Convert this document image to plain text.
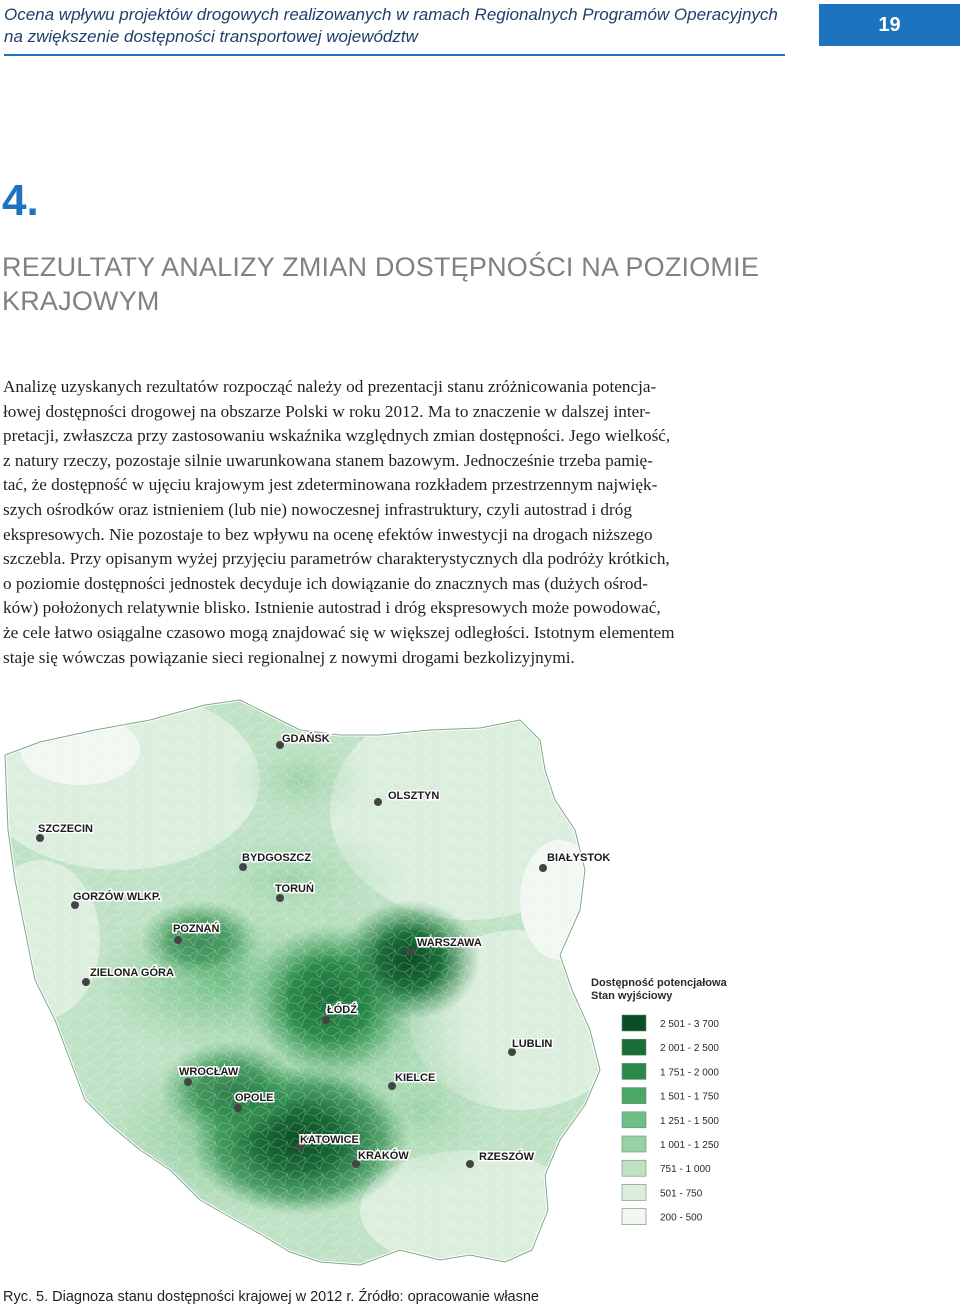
Ocena wpływu projektów drogowych realizowanych w ramach Regionalnych Programów Operacyjnych
na zwiększenie dostępności transportowej województw
19
4.
REZULTATY ANALIZY ZMIAN DOSTĘPNOŚCI NA POZIOMIE
KRAJOWYM
Analizę uzyskanych rezultatów rozpocząć należy od prezentacji stanu zróżnicowania potencja-
łowej dostępności drogowej na obszarze Polski w roku 2012. Ma to znaczenie w dalszej inter-
pretacji, zwłaszcza przy zastosowaniu wskaźnika względnych zmian dostępności. Jego wielkość,
z natury rzeczy, pozostaje silnie uwarunkowana stanem bazowym. Jednocześnie trzeba pamię-
tać, że dostępność w ujęciu krajowym jest zdeterminowana rozkładem przestrzennym najwięk-
szych ośrodków oraz istnieniem (lub nie) nowoczesnej infrastruktury, czyli autostrad i dróg
ekspresowych. Nie pozostaje to bez wpływu na ocenę efektów inwestycji na drogach niższego
szczebla. Przy opisanym wyżej przyjęciu parametrów charakterystycznych dla podróży krótkich,
o poziomie dostępności jednostek decyduje ich dowiązanie do znacznych mas (dużych ośrod-
ków) położonych relatywnie blisko. Istnienie autostrad i dróg ekspresowych może powodować,
że cele łatwo osiągalne czasowo mogą znajdować się w większej odległości. Istotnym elementem
staje się wówczas powiązanie sieci regionalnej z nowymi drogami bezkolizyjnymi.
GDAŃSK
OLSZTYN
SZCZECIN
BYDGOSZCZ	BIAŁYSTOK
TORUŃ
GORZÓW WLKP.
POZNAŃ
WARSZAWA
ZIELONA GÓRA
ŁÓDŹ
LUBLIN
WROCŁAW	KIELCE
OPOLE
KATOWICE
KRAKÓW	RZESZÓW
Dostępność potencjałowa
Stan wyjściowy
2 501 - 3 700
2 001 - 2 500
1 751 - 2 000
1 501 - 1 750
1 251 - 1 500
1 001 - 1 250
751 - 1 000
501 - 750
200 - 500
Ryc. 5. Diagnoza stanu dostępności krajowej w 2012 r. Źródło: opracowanie własne
